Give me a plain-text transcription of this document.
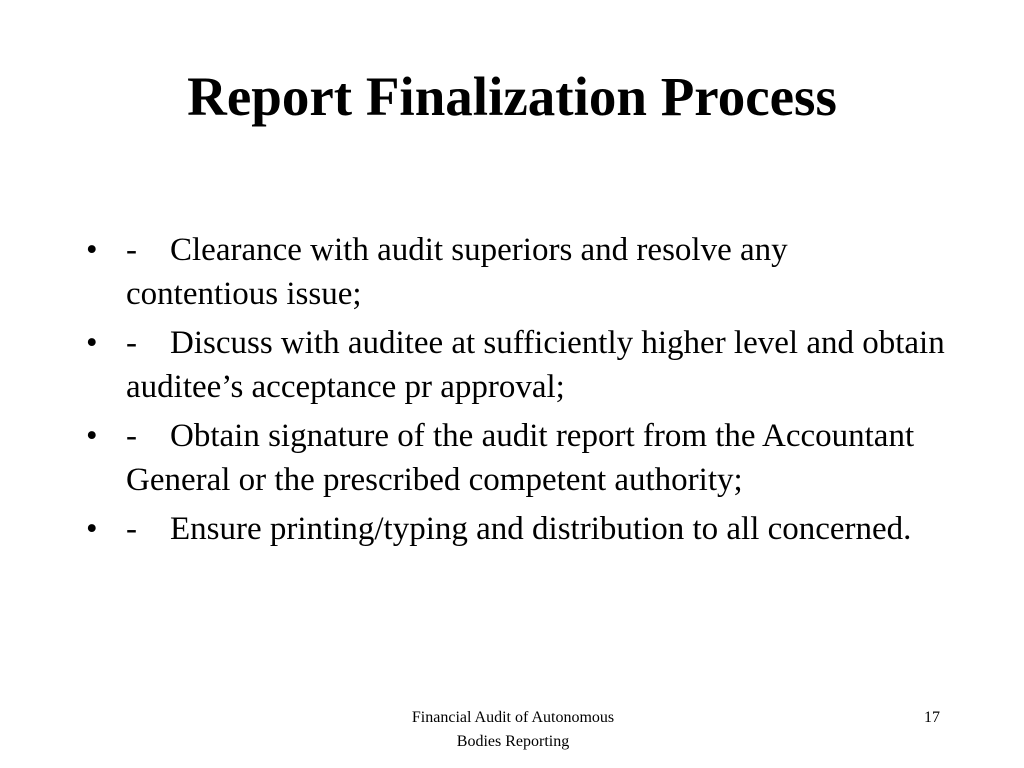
Report Finalization Process
• - Clearance with audit superiors and resolve any contentious issue;
• - Discuss with auditee at sufficiently higher level and obtain auditee’s acceptance pr approval;
• - Obtain signature of the audit report from the Accountant General or the prescribed competent authority;
• - Ensure printing/typing and distribution to all concerned.
Financial Audit of Autonomous
Bodies Reporting
17
